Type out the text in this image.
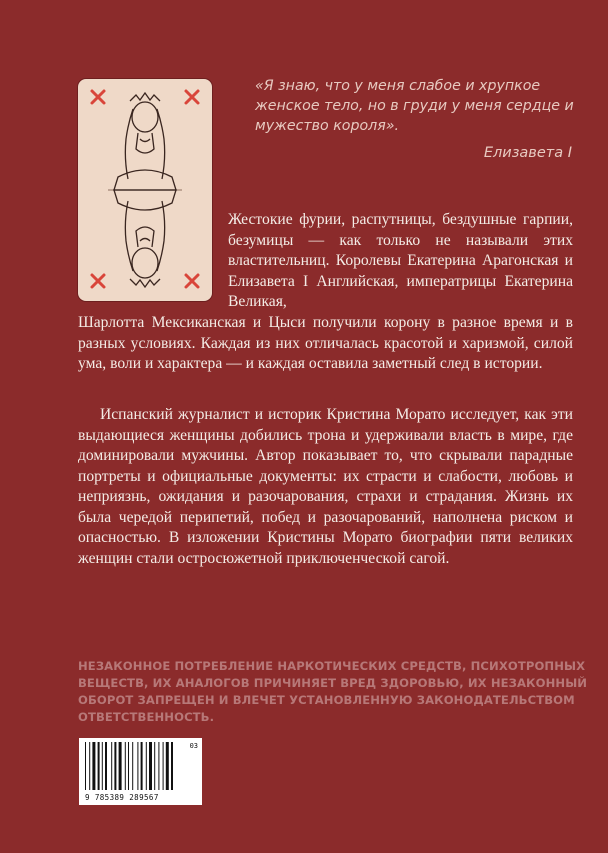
«Я знаю, что у меня слабое и хрупкое женское тело, но в груди у меня сердце и мужество короля».
Елизавета I

Жестокие фурии, распутницы, бездушные гарпии, безумицы — как только не называли этих властительниц. Королевы Екатерина Арагонская и Елизавета I Английская, императрицы Екатерина Великая,

Шарлотта Мексиканская и Цыси получили корону в разное время и в разных условиях. Каждая из них отличалась красотой и харизмой, силой ума, воли и характера — и каждая оставила заметный след в истории.

Испанский журналист и историк Кристина Морато исследует, как эти выдающиеся женщины добились трона и удерживали власть в мире, где доминировали мужчины. Автор показывает то, что скрывали парадные портреты и официальные документы: их страсти и слабости, любовь и неприязнь, ожидания и разочарования, страхи и страдания. Жизнь их была чередой перипетий, побед и разочарований, наполнена риском и опасностью. В изложении Кристины Морато биографии пяти великих женщин стали остросюжетной приключенческой сагой.

НЕЗАКОННОЕ ПОТРЕБЛЕНИЕ НАРКОТИЧЕСКИХ СРЕДСТВ, ПСИХОТРОПНЫХ ВЕЩЕСТВ, ИХ АНАЛОГОВ ПРИЧИНЯЕТ ВРЕД ЗДОРОВЬЮ, ИХ НЕЗАКОННЫЙ ОБОРОТ ЗАПРЕЩЕН И ВЛЕЧЕТ УСТАНОВЛЕННУЮ ЗАКОНОДАТЕЛЬСТВОМ ОТВЕТСТВЕННОСТЬ.
03
9 785389 289567
